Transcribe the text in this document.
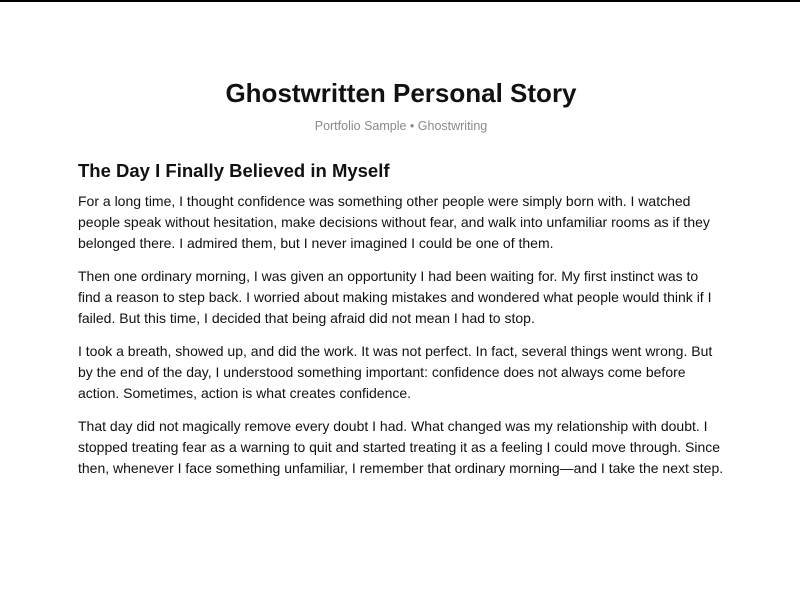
Ghostwritten Personal Story
Portfolio Sample • Ghostwriting
The Day I Finally Believed in Myself

For a long time, I thought confidence was something other people were simply born with. I watched people speak without hesitation, make decisions without fear, and walk into unfamiliar rooms as if they belonged there. I admired them, but I never imagined I could be one of them.

Then one ordinary morning, I was given an opportunity I had been waiting for. My first instinct was to find a reason to step back. I worried about making mistakes and wondered what people would think if I failed. But this time, I decided that being afraid did not mean I had to stop.

I took a breath, showed up, and did the work. It was not perfect. In fact, several things went wrong. But by the end of the day, I understood something important: confidence does not always come before action. Sometimes, action is what creates confidence.

That day did not magically remove every doubt I had. What changed was my relationship with doubt. I stopped treating fear as a warning to quit and started treating it as a feeling I could move through. Since then, whenever I face something unfamiliar, I remember that ordinary morning—and I take the next step.
